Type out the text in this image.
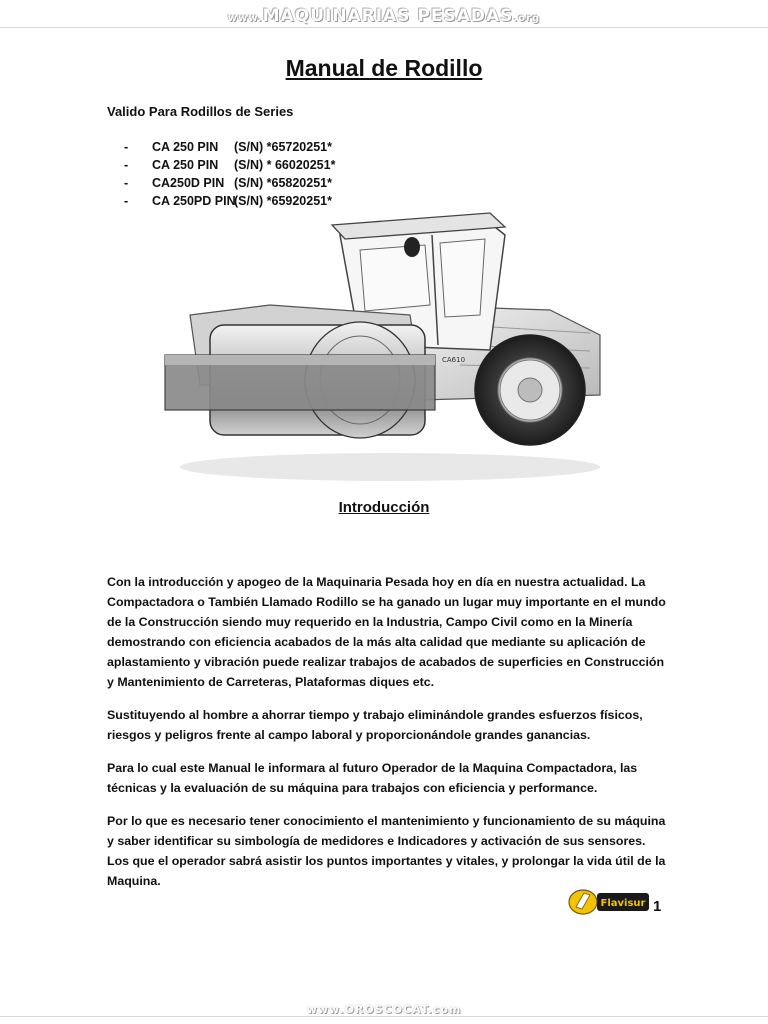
www.MAQUINARIAS PESADAS.org
Manual de Rodillo
Valido Para Rodillos de Series
- CA 250 PIN (S/N) *65720251*
- CA 250 PIN (S/N) * 66020251*
- CA250D PIN (S/N) *65820251*
- CA 250PD PIN(S/N) *65920251*
CA610
Introducción

Con la introducción y apogeo de la Maquinaria Pesada hoy en día en nuestra actualidad. La Compactadora o También Llamado Rodillo se ha ganado un lugar muy importante en el mundo de la Construcción siendo muy requerido en la Industria, Campo Civil como en la Minería demostrando con eficiencia acabados de la más alta calidad que mediante su aplicación de aplastamiento y vibración puede realizar trabajos de acabados de superficies en Construcción y Mantenimiento de Carreteras, Plataformas diques etc.

Sustituyendo al hombre a ahorrar tiempo y trabajo eliminándole grandes esfuerzos físicos, riesgos y peligros frente al campo laboral y proporcionándole grandes ganancias.

Para lo cual este Manual le informara al futuro Operador de la Maquina Compactadora, las técnicas y la evaluación de su máquina para trabajos con eficiencia y performance.

Por lo que es necesario tener conocimiento el mantenimiento y funcionamiento de su máquina y saber identificar su simbología de medidores e Indicadores y activación de sus sensores. Los que el operador sabrá asistir los puntos importantes y vitales, y prolongar la vida útil de la Maquina.

Flavisur 1
www.OROSCOCAT.com
